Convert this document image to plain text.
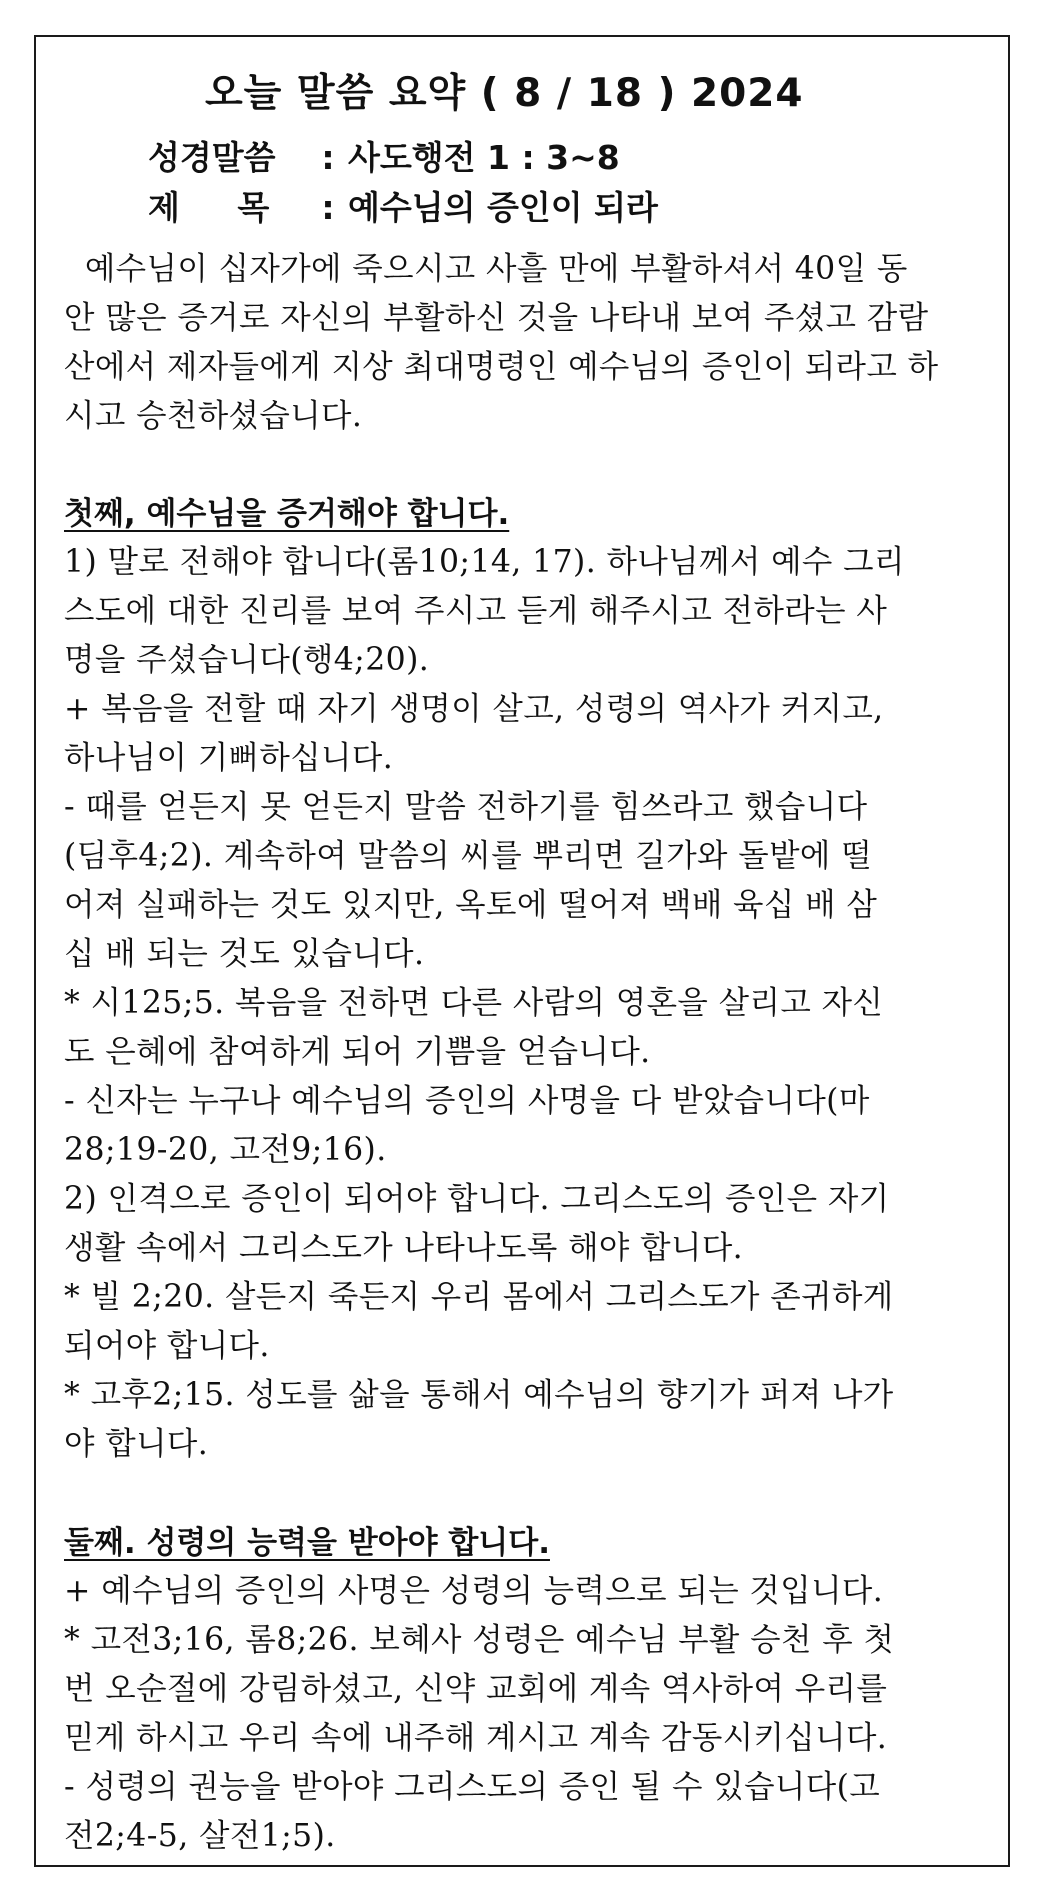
오늘 말씀 요약 ( 8 / 18 ) 2024
성경말씀 : 사도행전 1 : 3~8
제     목 : 예수님의 증인이 되라
예수님이 십자가에 죽으시고 사흘 만에 부활하셔서 40일 동
안 많은 증거로 자신의 부활하신 것을 나타내 보여 주셨고 감람
산에서 제자들에게 지상 최대명령인 예수님의 증인이 되라고 하
시고 승천하셨습니다.
첫째, 예수님을 증거해야 합니다.
1) 말로 전해야 합니다(롬10;14, 17). 하나님께서 예수 그리
스도에 대한 진리를 보여 주시고 듣게 해주시고 전하라는 사
명을 주셨습니다(행4;20).
+ 복음을 전할 때 자기 생명이 살고, 성령의 역사가 커지고,
하나님이 기뻐하십니다.
- 때를 얻든지 못 얻든지 말씀 전하기를 힘쓰라고 했습니다
(딤후4;2). 계속하여 말씀의 씨를 뿌리면 길가와 돌밭에 떨
어져 실패하는 것도 있지만, 옥토에 떨어져 백배 육십 배 삼
십 배 되는 것도 있습니다.
* 시125;5. 복음을 전하면 다른 사람의 영혼을 살리고 자신
도 은혜에 참여하게 되어 기쁨을 얻습니다.
- 신자는 누구나 예수님의 증인의 사명을 다 받았습니다(마
28;19-20, 고전9;16).
2) 인격으로 증인이 되어야 합니다. 그리스도의 증인은 자기
생활 속에서 그리스도가 나타나도록 해야 합니다.
* 빌 2;20. 살든지 죽든지 우리 몸에서 그리스도가 존귀하게
되어야 합니다.
* 고후2;15. 성도를 삶을 통해서 예수님의 향기가 퍼져 나가
야 합니다.
둘째. 성령의 능력을 받아야 합니다.
+ 예수님의 증인의 사명은 성령의 능력으로 되는 것입니다.
* 고전3;16, 롬8;26. 보혜사 성령은 예수님 부활 승천 후 첫
번 오순절에 강림하셨고, 신약 교회에 계속 역사하여 우리를
믿게 하시고 우리 속에 내주해 계시고 계속 감동시키십니다.
- 성령의 권능을 받아야 그리스도의 증인 될 수 있습니다(고
전2;4-5, 살전1;5).
